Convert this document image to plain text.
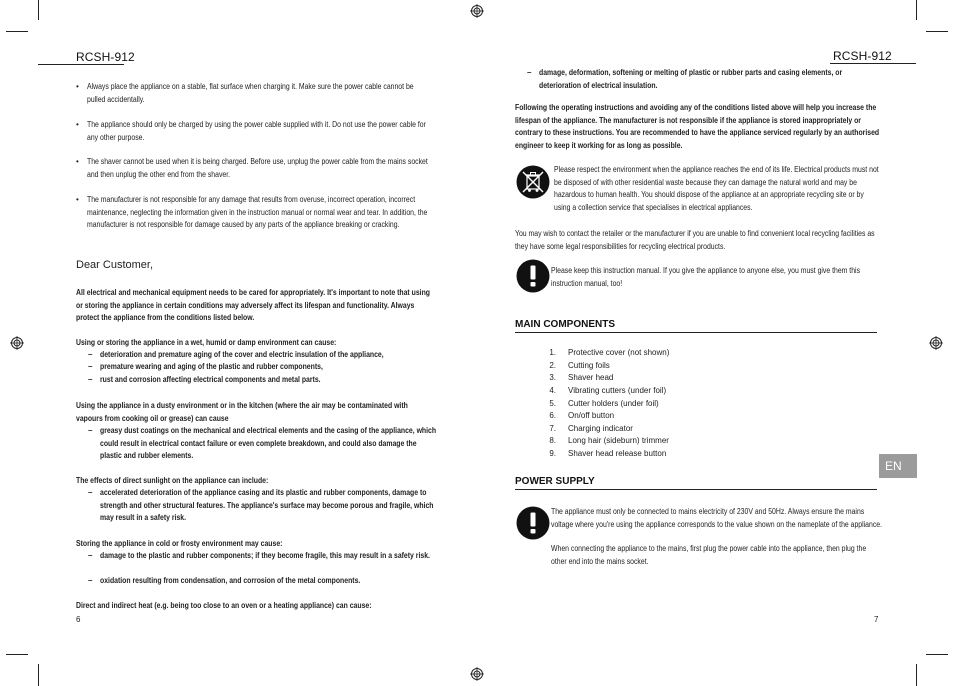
RCSH-912	RCSH-912
• Always place the appliance on a stable, flat surface when charging it. Make sure the power cable cannot be pulled accidentally.
• The appliance should only be charged by using the power cable supplied with it. Do not use the power cable for any other purpose.
• The shaver cannot be used when it is being charged. Before use, unplug the power cable from the mains socket and then unplug the other end from the shaver.
• The manufacturer is not responsible for any damage that results from overuse, incorrect operation, incorrect maintenance, neglecting the information given in the instruction manual or normal wear and tear. In addition, the manufacturer is not responsible for damage caused by any parts of the appliance breaking or cracking.
Dear Customer,
All electrical and mechanical equipment needs to be cared for appropriately. It's important to note that using or storing the appliance in certain conditions may adversely affect its lifespan and functionality. Always protect the appliance from the conditions listed below.
Using or storing the appliance in a wet, humid or damp environment can cause:
– deterioration and premature aging of the cover and electric insulation of the appliance,
– premature wearing and aging of the plastic and rubber components,
– rust and corrosion affecting electrical components and metal parts.
Using the appliance in a dusty environment or in the kitchen (where the air may be contaminated with vapours from cooking oil or grease) can cause
– greasy dust coatings on the mechanical and electrical elements and the casing of the appliance, which could result in electrical contact failure or even complete breakdown, and could also damage the plastic and rubber elements.
The effects of direct sunlight on the appliance can include:
– accelerated deterioration of the appliance casing and its plastic and rubber components, damage to strength and other structural features. The appliance's surface may become porous and fragile, which may result in a safety risk.
Storing the appliance in cold or frosty environment may cause:
– damage to the plastic and rubber components; if they become fragile, this may result in a safety risk.
– oxidation resulting from condensation, and corrosion of the metal components.
Direct and indirect heat (e.g. being too close to an oven or a heating appliance) can cause:
6
– damage, deformation, softening or melting of plastic or rubber parts and casing elements, or deterioration of electrical insulation.
Following the operating instructions and avoiding any of the conditions listed above will help you increase the lifespan of the appliance. The manufacturer is not responsible if the appliance is stored inappropriately or contrary to these instructions. You are recommended to have the appliance serviced regularly by an authorised engineer to keep it working for as long as possible.
Please respect the environment when the appliance reaches the end of its life. Electrical products must not be disposed of with other residential waste because they can damage the natural world and may be hazardous to human health. You should dispose of the appliance at an appropriate recycling site or by using a collection service that specialises in electrical appliances.
You may wish to contact the retailer or the manufacturer if you are unable to find convenient local recycling facilities as they have some legal responsibilities for recycling electrical products.
Please keep this instruction manual. If you give the appliance to anyone else, you must give them this instruction manual, too!
MAIN COMPONENTS
1. Protective cover (not shown)
2. Cutting foils
3. Shaver head
4. Vibrating cutters (under foil)
5. Cutter holders (under foil)
6. On/off button
7. Charging indicator
8. Long hair (sideburn) trimmer
9. Shaver head release button
EN
POWER SUPPLY
The appliance must only be connected to mains electricity of 230V and 50Hz. Always ensure the mains voltage where you're using the appliance corresponds to the value shown on the nameplate of the appliance.
When connecting the appliance to the mains, first plug the power cable into the appliance, then plug the other end into the mains socket.
7
